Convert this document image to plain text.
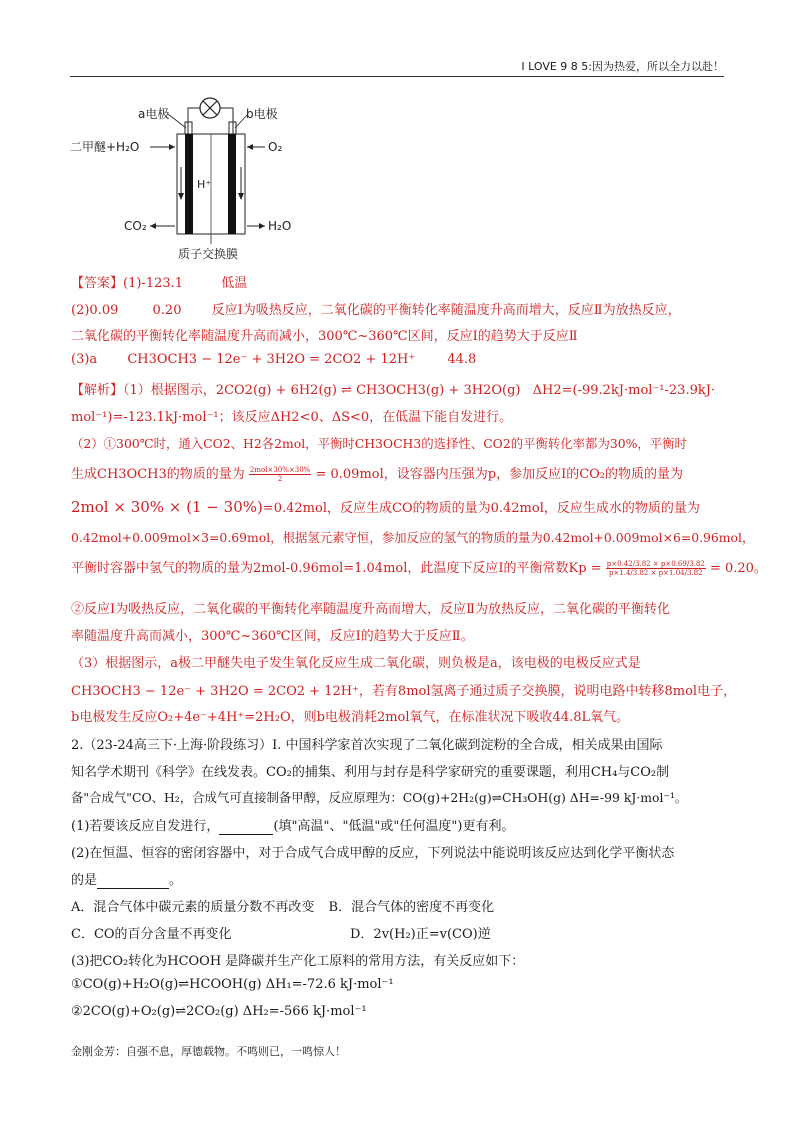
I LOVE 9 8 5:因为热爱，所以全力以赴！
a电极	b电极
二甲醚+H₂O	O₂
H⁺
CO₂	H₂O
质子交换膜
【答案】(1)-123.1	低温
(2)0.09	0.20 反应Ⅰ为吸热反应，二氧化碳的平衡转化率随温度升高而增大，反应Ⅱ为放热反应，
二氧化碳的平衡转化率随温度升高而减小，300℃~360℃区间，反应Ⅰ的趋势大于反应Ⅱ
(3)a CH3OCH3 − 12e⁻ + 3H2O = 2CO2 + 12H⁺ 44.8
【解析】（1）根据图示，2CO2(g) + 6H2(g) ⇌ CH3OCH3(g) + 3H2O(g) ΔH2=(-99.2kJ·mol⁻¹-23.9kJ·
mol⁻¹)=-123.1kJ·mol⁻¹；该反应ΔH2<0、ΔS<0，在低温下能自发进行。
（2）①300℃时，通入CO2、H2各2mol，平衡时CH3OCH3的选择性、CO2的平衡转化率都为30%，平衡时
生成CH3OCH3的物质的量为 $\frac{\text{2mol×30\%×30\%}}{2} = 0.09mol$，设容器内压强为p，参加反应Ⅰ的CO₂的物质的量为
2mol × 30% × (1 − 30%)=0.42mol，反应生成CO的物质的量为0.42mol，反应生成水的物质的量为
0.42mol+0.009mol×3=0.69mol，根据氢元素守恒，参加反应的氢气的物质的量为0.42mol+0.009mol×6=0.96mol，
平衡时容器中氢气的物质的量为2mol-0.96mol=1.04mol，此温度下反应Ⅰ的平衡常数$Kp = \frac{p\times 0.42/3.82 \times p\times 0.69/3.82}{p\times 1.4/3.82 \times p\times 1.04/3.82} = 0.20$。
②反应Ⅰ为吸热反应，二氧化碳的平衡转化率随温度升高而增大，反应Ⅱ为放热反应，二氧化碳的平衡转化
率随温度升高而减小，300℃~360℃区间，反应Ⅰ的趋势大于反应Ⅱ。
（3）根据图示，a极二甲醚失电子发生氧化反应生成二氧化碳，则负极是a，该电极的电极反应式是
CH3OCH3 − 12e⁻ + 3H2O = 2CO2 + 12H⁺，若有8mol氢离子通过质子交换膜，说明电路中转移8mol电子，
b电极发生反应O₂+4e⁻+4H⁺=2H₂O，则b电极消耗2mol氧气，在标准状况下吸收44.8L氧气。
2.（23-24高三下·上海·阶段练习）Ⅰ. 中国科学家首次实现了二氧化碳到淀粉的全合成，相关成果由国际
知名学术期刊《科学》在线发表。CO₂的捕集、利用与封存是科学家研究的重要课题，利用CH₄与CO₂制
备"合成气"CO、H₂，合成气可直接制备甲醇，反应原理为：CO(g)+2H₂(g)⇌CH₃OH(g) ΔH=-99 kJ·mol⁻¹。
(1)若要该反应自发进行，	(填"高温"、"低温"或"任何温度")更有利。
(2)在恒温、恒容的密闭容器中，对于合成气合成甲醇的反应，下列说法中能说明该反应达到化学平衡状态
的是	。
A．混合气体中碳元素的质量分数不再改变 B．混合气体的密度不再变化
C．CO的百分含量不再变化	D．2v(H₂)正=v(CO)逆
(3)把CO₂转化为HCOOH 是降碳并生产化工原料的常用方法，有关反应如下：
①CO(g)+H₂O(g)⇌HCOOH(g) ΔH₁=-72.6 kJ·mol⁻¹
②2CO(g)+O₂(g)⇌2CO₂(g) ΔH₂=-566 kJ·mol⁻¹
金刚金芳：自强不息，厚德载物。不鸣则已，一鸣惊人！
